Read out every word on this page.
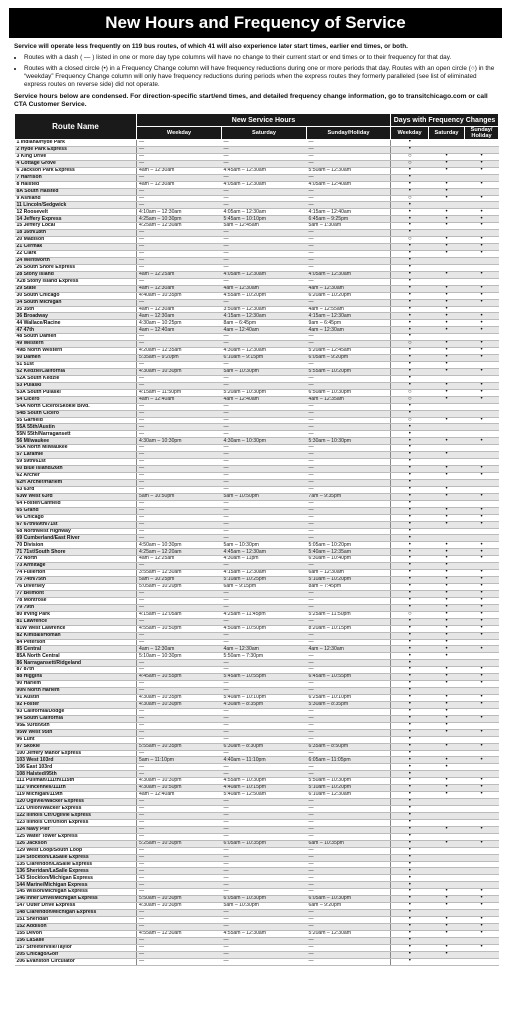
New Hours and Frequency of Service
Service will operate less frequently on 119 bus routes, of which 41 will also experience later start times, earlier end times, or both.
• Routes with a dash ( — ) listed in one or more day type columns will have no change to their current start or end times or to their frequency for that day.
• Routes with a closed circle (•) in a Frequency Change column will have frequency reductions during one or more periods that day. Routes with an open circle (○) in the “weekday” Frequency Change column will only have frequency reductions during periods when the express routes they formerly paralleled (see list of eliminated express routes on reverse side) did not operate.
Service hours below are condensed. For direction-specific start/end times, and detailed frequency change information, go to transitchicago.com or call CTA Customer Service.
Route Name	New Service Hours			Days with Frequency Changes		
	Weekday	Saturday	Sunday/Holiday	Weekday	Saturday	Sunday/ Holiday
1 Indiana/Hyde Park	—	—	—	•		
2 Hyde Park Express	—	—	—	•		
3 King Drive	—	—	—	○	•	•
4 Cottage Grove	—	—	—	○	•	•
6 Jackson Park Express	4am – 12:30am	4:45am – 12:30am	5:50am – 12:30am	•	•	•
7 Harrison	—	—	—	•		
8 Halsted	4am – 12:30am	4:05am – 12:30am	4:05am – 12:40am	•	•	•
8A South Halsted	—	—	—	•	•	
9 Ashland	—	—	—	○	•	•
11 Lincoln/Sedgwick	—	—	—	•		
12 Roosevelt	4:10am – 12:30am	4:05am – 12:30am	4:15am – 12:40am	•	•	•
14 Jeffery Express	4:25am – 10:30pm	5:45am – 10:10pm	6:45am – 9:25pm	•	•	•
15 Jeffery Local	4:25am – 12:30am	5am – 12:45am	5am – 1:30am	•	•	•
18 16th/18th	—	—	—	•		
20 Madison	—	—	—	○	•	•
21 Cermak	—	—	—	•	•	•
22 Clark	—	—	—	•	•	•
24 Wentworth	—	—	—	•		
26 South Shore Express	—	—	—	•		
28 Stony Island	4am – 12:25am	4:05am – 12:30am	4:05am – 12:30am	•	•	•
X28 Stony Island Express	—	—	—	•		
29 State	4am – 12:30am	4am – 12:30am	4am – 12:30am	•	•	•
30 South Chicago	4:40am – 10:35pm	4:55am – 10:20pm	6:20am – 10:20pm	•	•	•
34 South Michigan	—	—	—	•	•	•
35 35th	4am – 12:30am	3:50am – 12:30am	4am – 12:55am	•	•	
36 Broadway	4am – 12:30am	4:15am – 12:30am	4:15am – 12:30am	•	•	•
44 Wallace/Racine	4:30am – 10:25pm	8am – 6:45pm	9am – 6:45pm	•	•	•
47 47th	4am – 12:40am	4am – 12:40am	4am – 12:30am	•	•	•
48 South Damen	—	—	—	•		
49 Western	—	—	—	○	•	•
49B North Western	4:20am – 12:35am	4:30am – 12:30am	5:20am – 12:45am	•	•	•
50 Damen	5:35am – 9:20pm	6:10am – 9:15pm	6:05am – 9:20pm	•	•	•
51 51st	—	—	—	•	•	
52 Kedzie/California	4:30am – 10:30pm	5am – 10:30pm	5:55am – 10:20pm	•	•	•
52A South Kedzie	—	—	—	•		
53 Pulaski	—	—	—	•	•	•
53A South Pulaski	4:15am – 11:50pm	5:20am – 10:30pm	6:50am – 10:30pm	○	•	•
54 Cicero	4am – 12:40am	4am – 12:40am	4am – 12:35am	○	•	•
54A North Cicero/Skokie Blvd.	—	—	—	•		
54B South Cicero	—	—	—	•		
55 Garfield	—	—	—	○	•	•
55A 55th/Austin	—	—	—	•		
55N 55th/Narragansett	—	—	—	•		
56 Milwaukee	4:30am – 10:30pm	4:30am – 10:30pm	5:30am – 10:30pm	•	•	•
56A North Milwaukee	—	—	—	•		
57 Laramie	—	—	—	•	•	
59 59th/61st	—	—	—	•		
60 Blue Island/26th	—	—	—	•	•	•
62 Archer	—	—	—	•	•	•
62H Archer/Harlem	—	—	—	•		
63 63rd	—	—	—	•	•	
63W West 63rd	5am – 10:50pm	5am – 10:50pm	7am – 9:35pm	•	•	•
64 Foster/Canfield	—	—	—	•		
65 Grand	—	—	—	•	•	•
66 Chicago	—	—	—	•	•	•
67 67th/69th/71st	—	—	—	•	•	•
68 Northwest Highway	—	—	—	•		
69 Cumberland/East River	—	—	—	•		
70 Division	4:50am – 10:30pm	5am – 10:30pm	5:05am – 10:20pm	•	•	•
71 71st/South Shore	4:25am – 12:20am	4:45am – 12:30am	5:40am – 12:35am	•	•	•
72 North	4am – 12:25am	4:30am – 11pm	6:30am – 10:40pm	•	•	•
73 Armitage	—	—	—	•	•	
74 Fullerton	3:55am – 12:30am	4:15am – 12:30am	6am – 12:30am	•	•	•
75 74th/75th	5am – 10:25pm	5:10am – 10:25pm	5:10am – 10:20pm	•	•	•
76 Diversey	5:05am – 10:20pm	6am – 9:15pm	8am – 7:45pm	•	•	•
77 Belmont	—	—	—	•	•	•
78 Montrose	—	—	—	•	•	•
79 79th	—	—	—	•	•	•
80 Irving Park	4:15am – 12:05am	4:25am – 11:45pm	5:25am – 11:50pm	○	•	•
81 Lawrence	—	—	—	•	•	•
81W West Lawrence	4:55am – 10:50pm	4:50am – 10:50pm	8:20am – 10:15pm	•	•	•
82 Kimball/Homan	—	—	—	•	•	•
84 Peterson	—	—	—	•	•	
85 Central	4am – 12:30am	4am – 12:30am	4am – 12:30am	•	•	•
85A North Central	5:10am – 10:30pm	5:50am – 7:30pm	—	•	•	
86 Narragansett/Ridgeland	—	—	—	•		
87 87th	—	—	—	•	•	•
88 Higgins	4:45am – 10:55pm	5:45am – 10:55pm	6:45am – 10:55pm	•	•	•
90 Harlem	—	—	—	•	•	•
90N North Harlem	—	—	—	•		
91 Austin	4:30am – 10:35pm	5:40am – 10:10pm	6:25am – 10:10pm	•	•	•
92 Foster	4:30am – 10:30pm	4:30am – 8:35pm	5:30am – 8:35pm	•	•	•
93 California/Dodge	—	—	—	•	•	
94 South California	—	—	—	•	•	•
95E 93rd/95th	—	—	—	•	•	
95W West 95th	—	—	—	•	•	•
96 Lunt	—	—	—	•		
97 Skokie	5:55am – 10:35pm	6:30am – 8:30pm	6:35am – 8:50pm	•	•	•
100 Jeffery Manor Express	—	—	—	•		
103 West 103rd	5am – 11:10pm	4:40am – 11:10pm	6:05am – 11:05pm	•	•	•
106 East 103rd	—	—	—	•	•	
108 Halsted/95th	—	—	—	•		
111 Pullman/111th/115th	4:30am – 10:30pm	4:55am – 10:30pm	5:50am – 10:30pm	•	•	•
112 Vincennes/111th	4:30am – 10:50pm	4:40am – 10:15pm	5:10am – 10:20pm	•	•	•
119 Michigan/119th	4am – 12:40am	5:40am – 12:50am	6:10am – 12:30am	•	•	•
120 Ogilvie/Wacker Express	—	—	—	•		
121 Union/Wacker Express	—	—	—	•		
122 Illinois Ctr/Ogilvie Express	—	—	—	•		
123 Illinois Ctr/Union Express	—	—	—	•		
124 Navy Pier	—	—	—	•	•	•
125 Water Tower Express	—	—	—	•		
126 Jackson	5:25am – 10:30pm	6:05am – 10:35pm	6am – 10:35pm	•	•	•
129 West Loop/South Loop	—	—	—	•		
134 Stockton/LaSalle Express	—	—	—	•		
135 Clarendon/LaSalle Express	—	—	—	•		
136 Sheridan/LaSalle Express	—	—	—	•		
143 Stockton/Michigan Express	—	—	—	•		
144 Marine/Michigan Express	—	—	—	•		
145 Wilson/Michigan Express	—	—	—	•	•	•
146 Inner Drive/Michigan Express	5:50am – 10:30pm	6:05am – 10:30pm	6:05am – 10:30pm	•	•	•
147 Outer Drive Express	4:30am – 10:30pm	5am – 10:30pm	6am – 9:20pm	•	•	•
148 Clarendon/Michigan Express	—	—	—	•		
151 Sheridan	—	—	—	•	•	•
152 Addison	—	—	—	•	•	•
155 Devon	4:55am – 12:30am	4:55am – 12:30am	5:20am – 12:30am	•	•	•
156 LaSalle	—	—	—	•		
157 Streeterville/Taylor	—	—	—	•	•	•
205 Chicago/Golf	—	—	—	•	•	
206 Evanston Circulator	—	—	—	•		
